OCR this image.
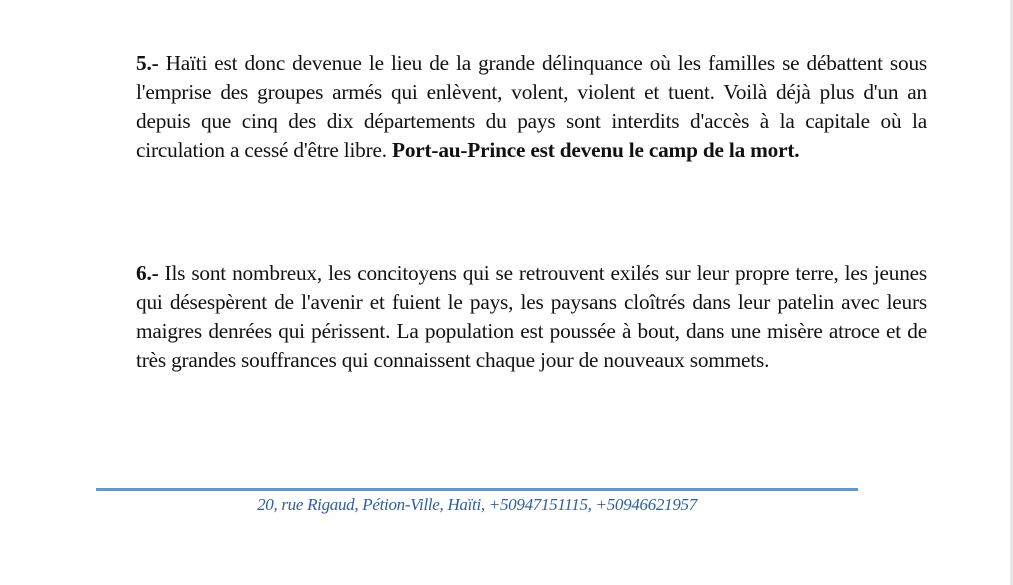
5.- Haïti est donc devenue le lieu de la grande délinquance où les familles se débattent sous l'emprise des groupes armés qui enlèvent, volent, violent et tuent. Voilà déjà plus d'un an depuis que cinq des dix départements du pays sont interdits d'accès à la capitale où la circulation a cessé d'être libre. Port-au-Prince est devenu le camp de la mort.

6.- Ils sont nombreux, les concitoyens qui se retrouvent exilés sur leur propre terre, les jeunes qui désespèrent de l'avenir et fuient le pays, les paysans cloîtrés dans leur patelin avec leurs maigres denrées qui périssent. La population est poussée à bout, dans une misère atroce et de très grandes souffrances qui connaissent chaque jour de nouveaux sommets.

20, rue Rigaud, Pétion-Ville, Haïti, +50947151115, +50946621957
